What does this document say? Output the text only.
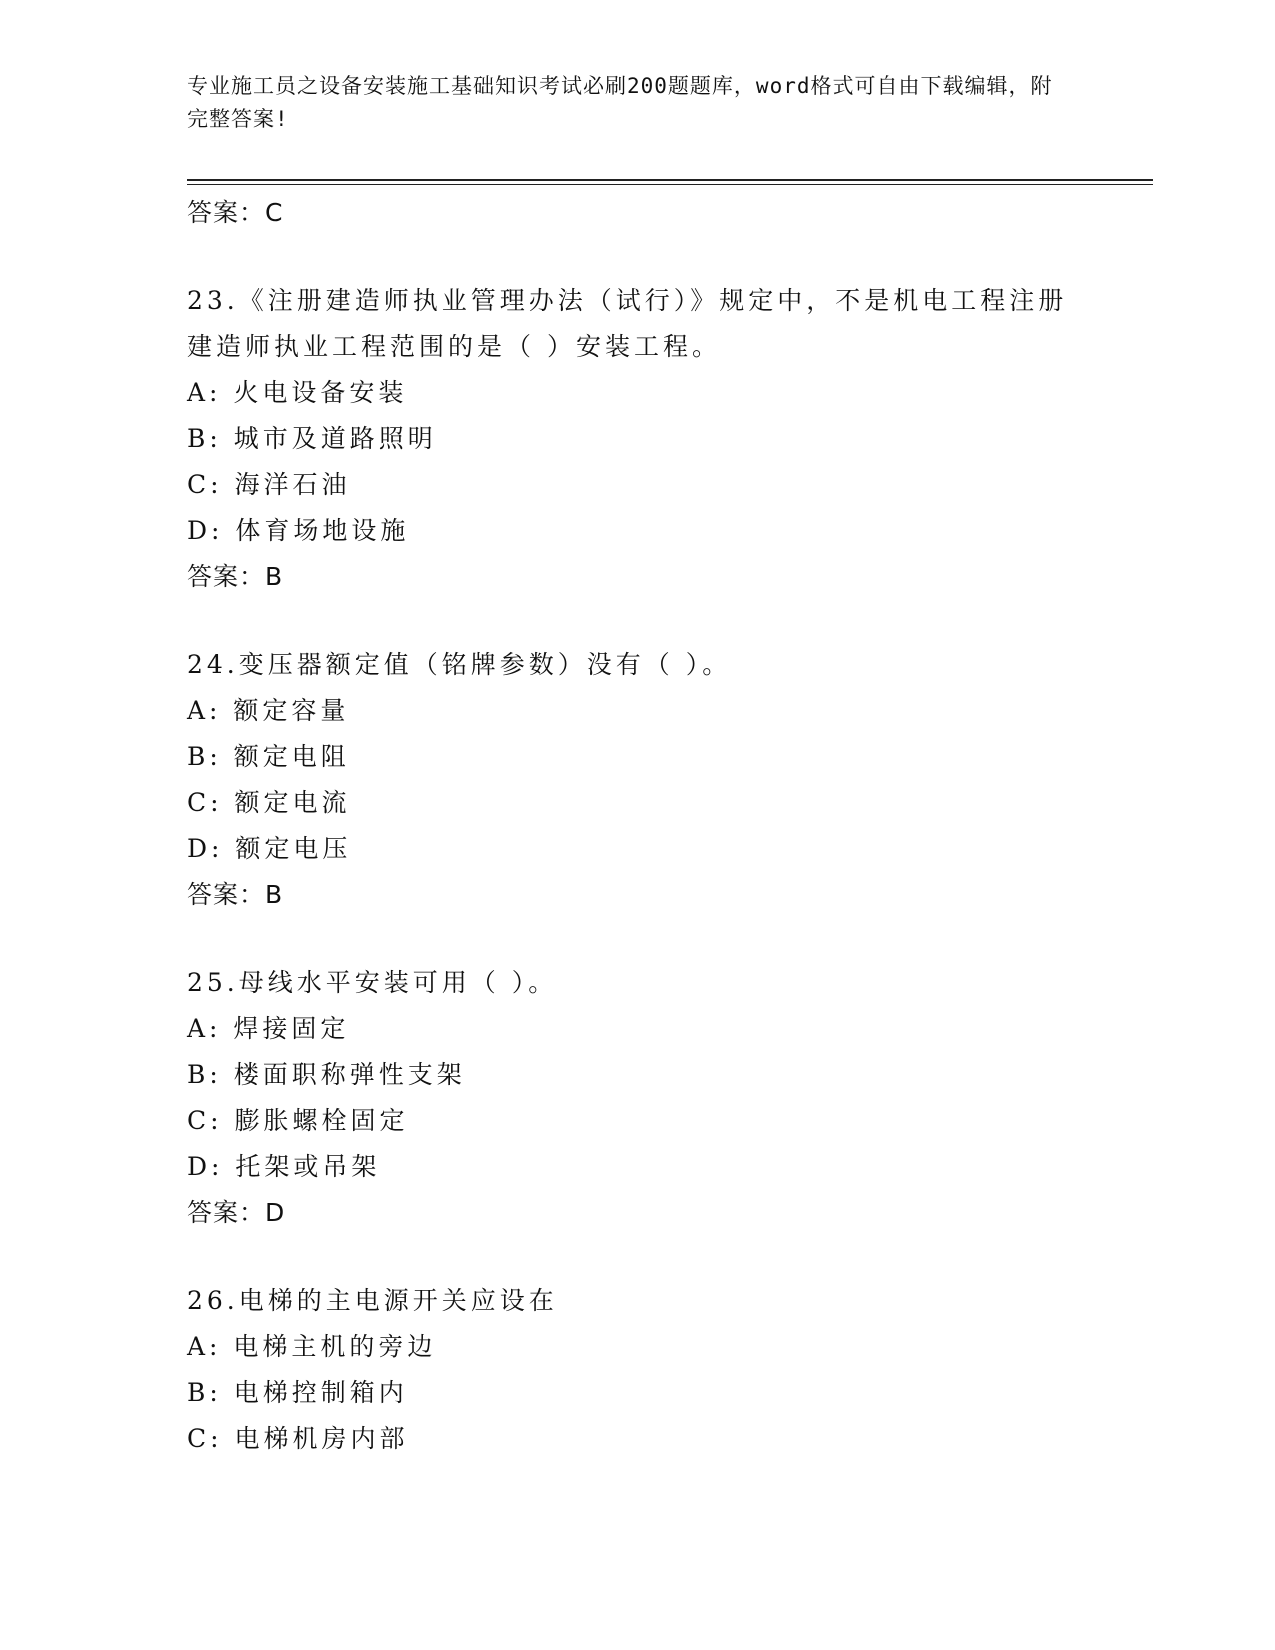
专业施工员之设备安装施工基础知识考试必刷200题题库，word格式可自由下载编辑，附完整答案!
答案：C
23.《注册建造师执业管理办法（试行）》规定中，不是机电工程注册建造师执业工程范围的是（ ）安装工程。
A: 火电设备安装
B: 城市及道路照明
C: 海洋石油
D: 体育场地设施
答案：B
24.变压器额定值（铭牌参数）没有（ ）。
A: 额定容量
B: 额定电阻
C: 额定电流
D: 额定电压
答案：B
25.母线水平安装可用（ ）。
A: 焊接固定
B: 楼面职称弹性支架
C: 膨胀螺栓固定
D: 托架或吊架
答案：D
26.电梯的主电源开关应设在
A: 电梯主机的旁边
B: 电梯控制箱内
C: 电梯机房内部
